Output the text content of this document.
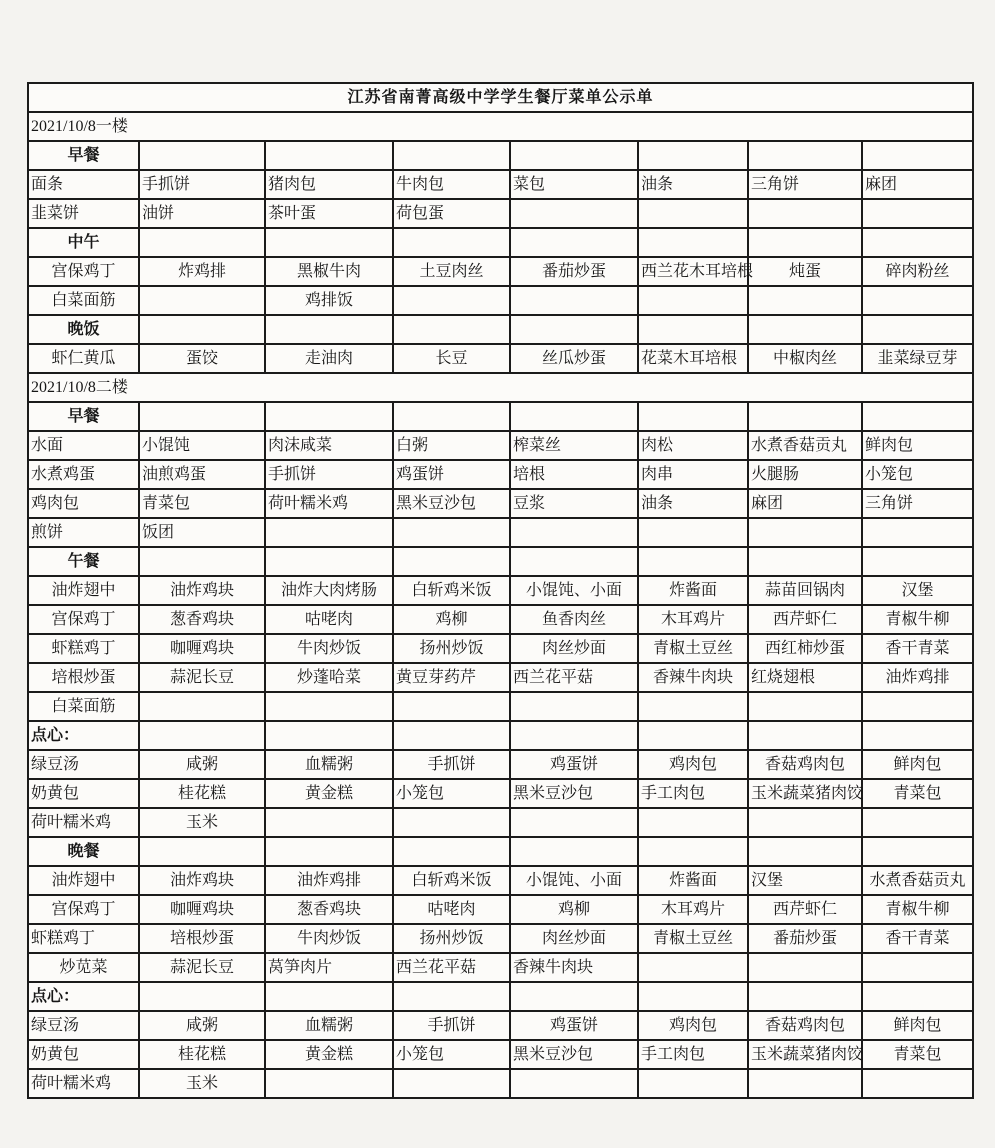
江苏省南菁高级中学学生餐厅菜单公示单							
2021/10/8一楼							
早餐							
面条	手抓饼	猪肉包	牛肉包	菜包	油条	三角饼	麻团
韭菜饼	油饼	茶叶蛋	荷包蛋				
中午							
宫保鸡丁	炸鸡排	黑椒牛肉	土豆肉丝	番茄炒蛋	西兰花木耳培根	炖蛋	碎肉粉丝
白菜面筋		鸡排饭					
晚饭							
虾仁黄瓜	蛋饺	走油肉	长豆	丝瓜炒蛋	花菜木耳培根	中椒肉丝	韭菜绿豆芽
2021/10/8二楼							
早餐							
水面	小馄饨	肉沫咸菜	白粥	榨菜丝	肉松	水煮香菇贡丸	鲜肉包
水煮鸡蛋	油煎鸡蛋	手抓饼	鸡蛋饼	培根	肉串	火腿肠	小笼包
鸡肉包	青菜包	荷叶糯米鸡	黑米豆沙包	豆浆	油条	麻团	三角饼
煎饼	饭团						
午餐							
油炸翅中	油炸鸡块	油炸大肉烤肠	白斩鸡米饭	小馄饨、小面	炸酱面	蒜苗回锅肉	汉堡
宫保鸡丁	葱香鸡块	咕咾肉	鸡柳	鱼香肉丝	木耳鸡片	西芹虾仁	青椒牛柳
虾糕鸡丁	咖喱鸡块	牛肉炒饭	扬州炒饭	肉丝炒面	青椒土豆丝	西红柿炒蛋	香干青菜
培根炒蛋	蒜泥长豆	炒蓬哈菜	黄豆芽药芹	西兰花平菇	香辣牛肉块	红烧翅根	油炸鸡排
白菜面筋							
点心：							
绿豆汤	咸粥	血糯粥	手抓饼	鸡蛋饼	鸡肉包	香菇鸡肉包	鲜肉包
奶黄包	桂花糕	黄金糕	小笼包	黑米豆沙包	手工肉包	玉米蔬菜猪肉饺	青菜包
荷叶糯米鸡	玉米						
晚餐							
油炸翅中	油炸鸡块	油炸鸡排	白斩鸡米饭	小馄饨、小面	炸酱面	汉堡	水煮香菇贡丸
宫保鸡丁	咖喱鸡块	葱香鸡块	咕咾肉	鸡柳	木耳鸡片	西芹虾仁	青椒牛柳
虾糕鸡丁	培根炒蛋	牛肉炒饭	扬州炒饭	肉丝炒面	青椒土豆丝	番茄炒蛋	香干青菜
炒苋菜	蒜泥长豆	莴笋肉片	西兰花平菇	香辣牛肉块			
点心：							
绿豆汤	咸粥	血糯粥	手抓饼	鸡蛋饼	鸡肉包	香菇鸡肉包	鲜肉包
奶黄包	桂花糕	黄金糕	小笼包	黑米豆沙包	手工肉包	玉米蔬菜猪肉饺	青菜包
荷叶糯米鸡	玉米						
